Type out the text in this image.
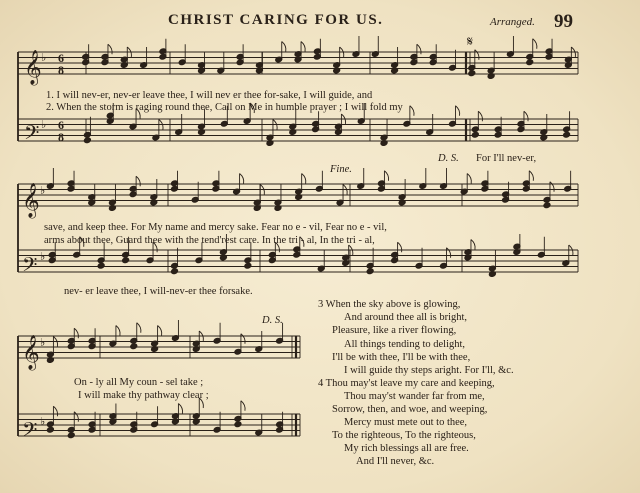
CHRIST CARING FOR US.	Arranged. 99
𝄞
𝄢
𝄞
𝄢
𝄞
𝄢
♭
♭
♭
♭
♭
♭
𝄋
6
8
6
8
1. I will nev-er, nev-er leave thee, I will nev er thee for-sake, I will guide, and
2. When the storm is raging round thee, Call on Me in humble prayer ; I will fold my
D. S. For I'll nev-er,
Fine.
save, and keep thee. For My name and mercy sake. Fear no e - vil, Fear no e - vil,
arms about thee, Guard thee with the tend'rest care. In the tri - al, In the tri - al,
nev- er leave thee, I will-nev-er thee forsake.
D. S.
On - ly all My coun - sel take ;
I will make thy pathway clear ;
3 When the sky above is glowing,
And around thee all is bright,
Pleasure, like a river flowing,
All things tending to delight,
I'll be with thee, I'll be with thee,
I will guide thy steps aright. For I'll, &c.
4 Thou may'st leave my care and keeping,
Thou may'st wander far from me,
Sorrow, then, and woe, and weeping,
Mercy must mete out to thee,
To the righteous, To the righteous,
My rich blessings all are free.
And I'll never, &c.
